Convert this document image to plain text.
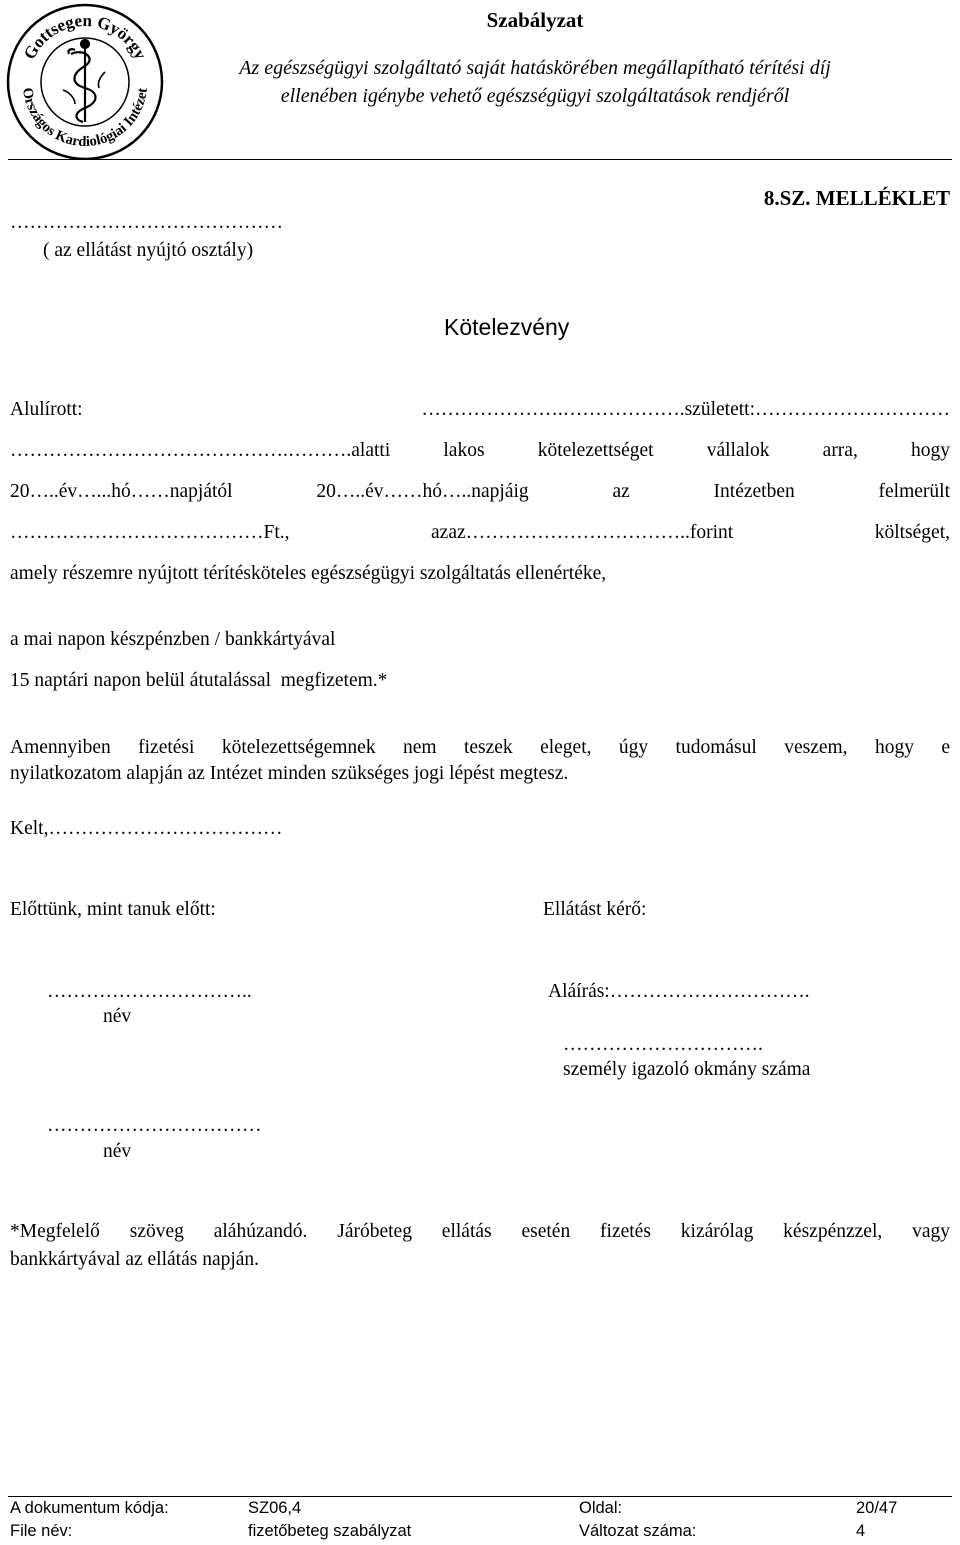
Gottsegen György
Országos Kardiológiai Intézet
Szabályzat
Az egészségügyi szolgáltató saját hatáskörében megállapítható térítési díj
ellenében igénybe vehető egészségügyi szolgáltatások rendjéről
8.SZ. MELLÉKLET
……………………………………
( az ellátást nyújtó osztály)
Kötelezvény
Alulírott: ………………….……………….született:…………………………
…………………………………….……….alatti lakos kötelezettséget vállalok arra, hogy
20…..év…...hó……napjától 20…..év……hó…..napjáig az Intézetben felmerült
…………………………………Ft., azaz……………………………..forint költséget,
amely részemre nyújtott térítésköteles egészségügyi szolgáltatás ellenértéke,
a mai napon készpénzben / bankkártyával
15 naptári napon belül átutalással  megfizetem.*
Amennyiben fizetési kötelezettségemnek nem teszek eleget, úgy tudomásul veszem, hogy e
nyilatkozatom alapján az Intézet minden szükséges jogi lépést megtesz.
Kelt,………………………………
Előttünk, mint tanuk előtt:	Ellátást kérő:
…………………………..
név
Aláírás:………………………….
………………………….
személy igazoló okmány száma
……………………………
név
*Megfelelő szöveg aláhúzandó. Járóbeteg ellátás esetén fizetés kizárólag készpénzzel, vagy
bankkártyával az ellátás napján.
A dokumentum kódja:	SZ06,4	Oldal:	20/47
File név:	fizetőbeteg szabályzat	Változat száma:	4
